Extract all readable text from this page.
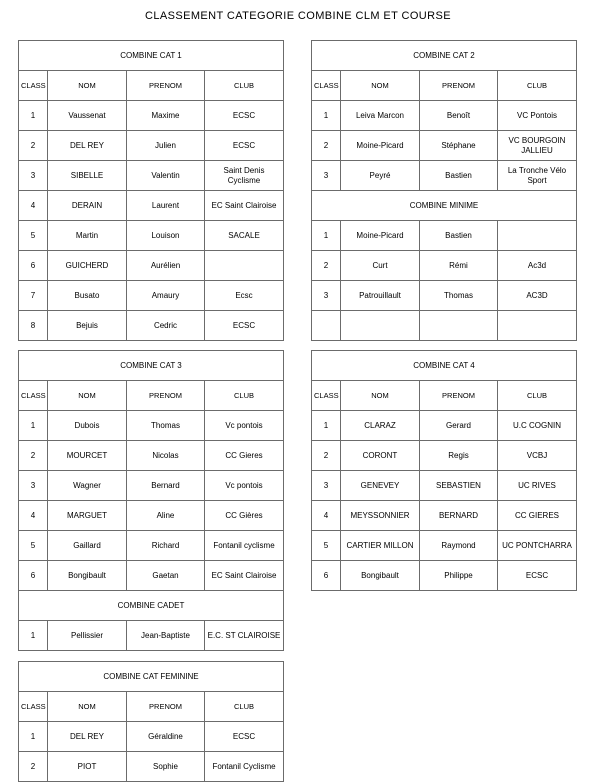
CLASSEMENT CATEGORIE COMBINE CLM ET COURSE
COMBINE CAT 1			
CLASS	NOM	PRENOM	CLUB
1	Vaussenat	Maxime	ECSC
2	DEL REY	Julien	ECSC
3	SIBELLE	Valentin	Saint Denis Cyclisme
4	DERAIN	Laurent	EC Saint Clairoise
5	Martin	Louison	SACALE
6	GUICHERD	Aurélien	
7	Busato	Amaury	Ecsc
8	Bejuis	Cedric	ECSC
COMBINE CAT 2			
CLASS	NOM	PRENOM	CLUB
1	Leiva Marcon	Benoît	VC Pontois
2	Moine-Picard	Stéphane	VC BOURGOIN JALLIEU
3	Peyré	Bastien	La Tronche Vélo Sport
COMBINE MINIME			
1	Moine-Picard	Bastien	
2	Curt	Rémi	Ac3d
3	Patrouillault	Thomas	AC3D

COMBINE CAT 3			
CLASS	NOM	PRENOM	CLUB
1	Dubois	Thomas	Vc pontois
2	MOURCET	Nicolas	CC Gieres
3	Wagner	Bernard	Vc pontois
4	MARGUET	Aline	CC Gières
5	Gaillard	Richard	Fontanil cyclisme
6	Bongibault	Gaetan	EC Saint Clairoise
COMBINE CADET			
1	Pellissier	Jean-Baptiste	E.C. ST CLAIROISE
COMBINE CAT 4			
CLASS	NOM	PRENOM	CLUB
1	CLARAZ	Gerard	U.C COGNIN
2	CORONT	Regis	VCBJ
3	GENEVEY	SEBASTIEN	UC RIVES
4	MEYSSONNIER	BERNARD	CC GIERES
5	CARTIER MILLON	Raymond	UC PONTCHARRA
6	Bongibault	Philippe	ECSC
COMBINE CAT FEMININE			
CLASS	NOM	PRENOM	CLUB
1	DEL REY	Géraldine	ECSC
2	PIOT	Sophie	Fontanil Cyclisme
